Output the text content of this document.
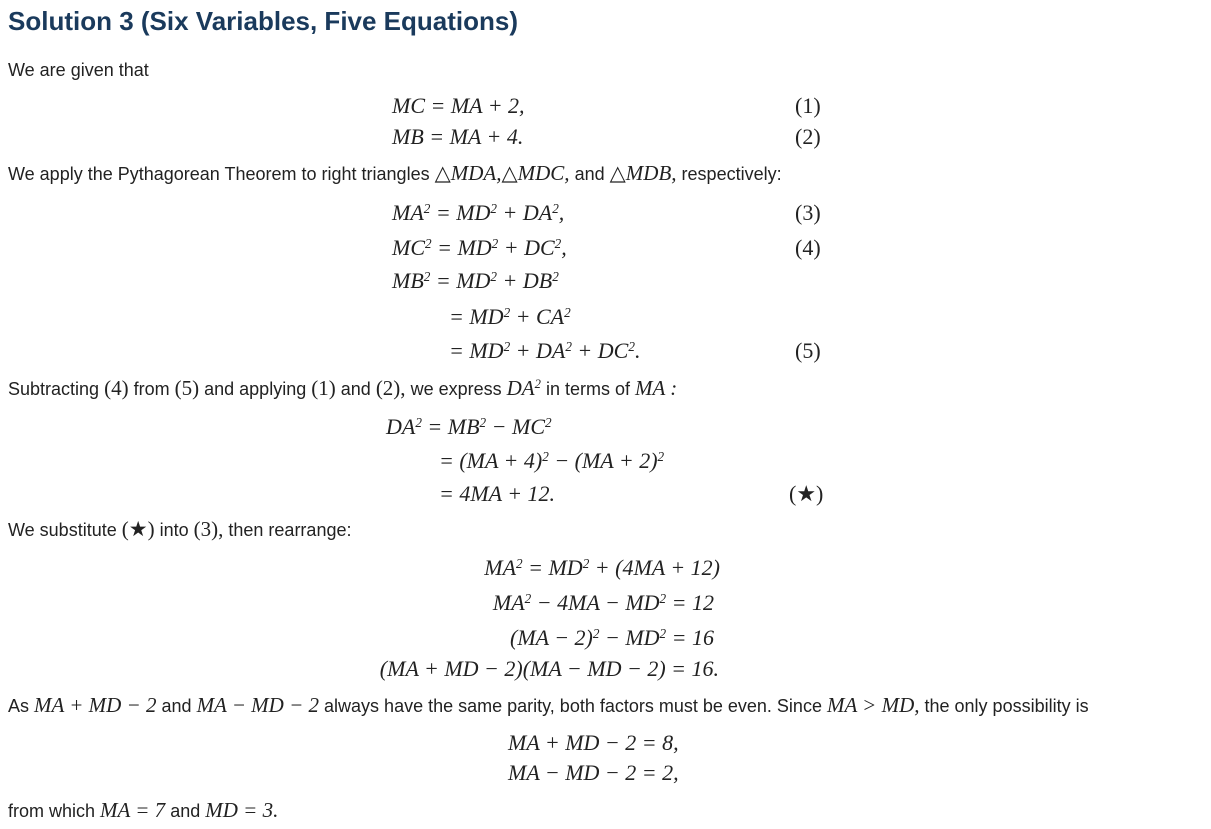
Solution 3 (Six Variables, Five Equations)
We are given that
MC = MA + 2,	(1)
MB = MA + 4.	(2)
We apply the Pythagorean Theorem to right triangles △MDA,△MDC, and △MDB, respectively:
$MA^2 = MD^2 + DA^2$,	(3)
$MC^2 = MD^2 + DC^2$,	(4)
$MB^2 = MD^2 + DB^2$
= $MD^2 + CA^2$
= $MD^2 + DA^2 + DC^2$.	(5)
Subtracting (4) from (5) and applying (1) and (2), we express $DA^2$ in terms of MA :
$DA^2 = MB^2 - MC^2$
= (MA + 4)$^2$ − (MA + 2)$^2$
= 4MA + 12.	(★)
We substitute (★) into (3), then rearrange:
$MA^2 = MD^2 + (4MA + 12)$
$MA^2 - 4MA - MD^2 = 12$
$(MA - 2)^2 - MD^2 = 16$
(MA + MD − 2)(MA − MD − 2) = 16.
As MA + MD − 2 and MA − MD − 2 always have the same parity, both factors must be even. Since MA > MD, the only possibility is
MA + MD − 2 = 8,
MA − MD − 2 = 2,
from which MA = 7 and MD = 3.
